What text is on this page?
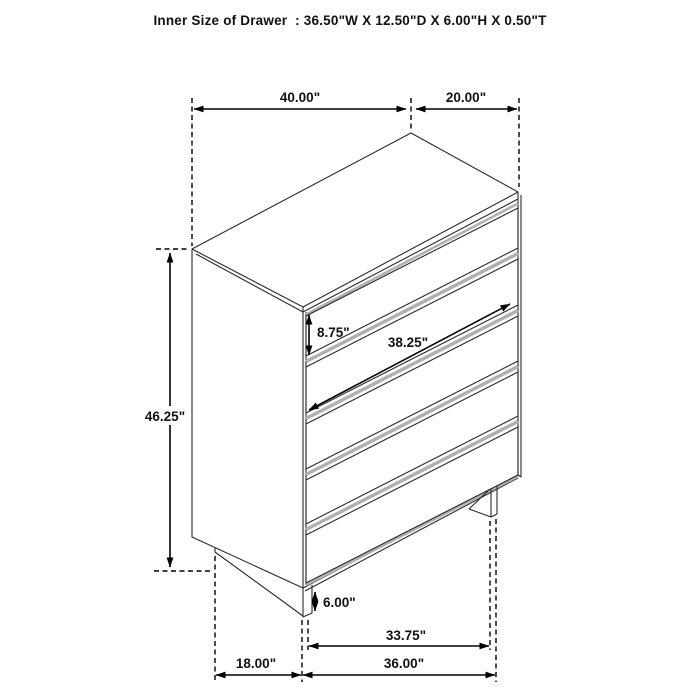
Inner Size of Drawer  : 36.50"W X 12.50"D X 6.00"H X 0.50"T
40.00"	20.00"
46.25"
8.75"
38.25"
6.00"
33.75"
18.00"	36.00"
